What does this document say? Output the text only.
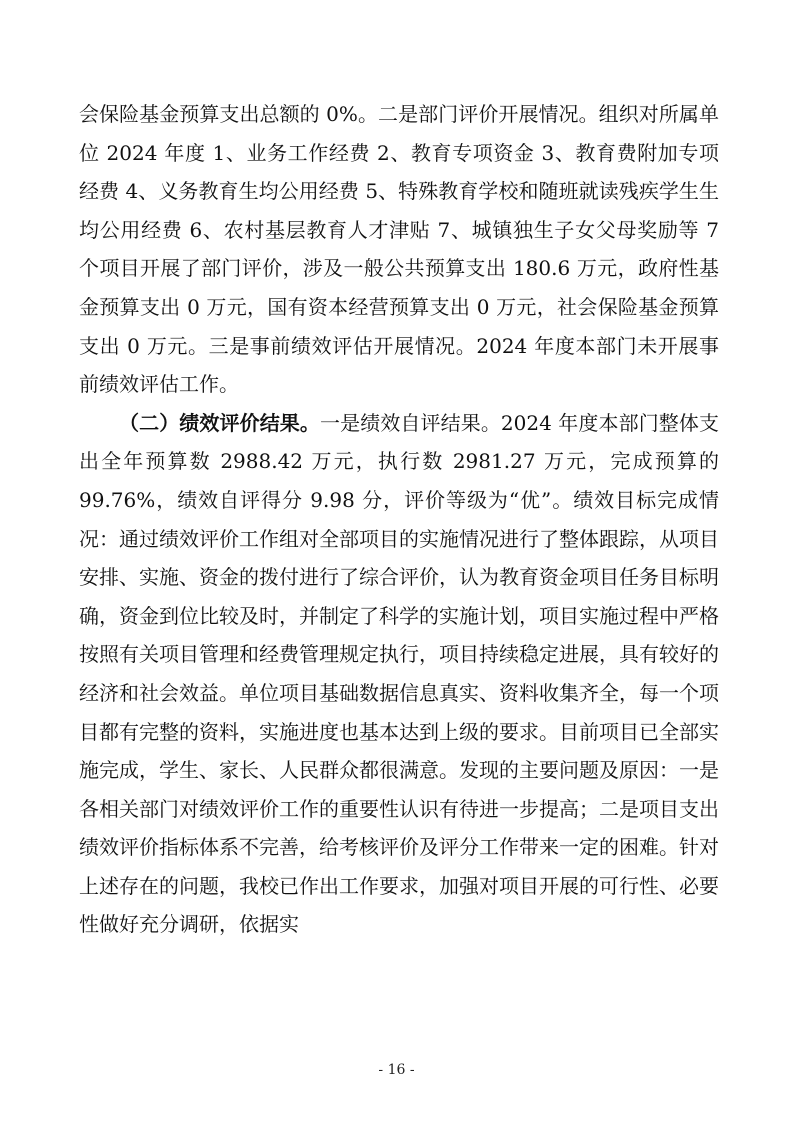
会保险基金预算支出总额的 0%。二是部门评价开展情况。组织对所属单位 2024 年度 1、业务工作经费 2、教育专项资金 3、教育费附加专项经费 4、义务教育生均公用经费 5、特殊教育学校和随班就读残疾学生生均公用经费 6、农村基层教育人才津贴 7、城镇独生子女父母奖励等 7 个项目开展了部门评价，涉及一般公共预算支出 180.6 万元，政府性基金预算支出 0 万元，国有资本经营预算支出 0 万元，社会保险基金预算支出 0 万元。三是事前绩效评估开展情况。2024 年度本部门未开展事前绩效评估工作。

（二）绩效评价结果。一是绩效自评结果。2024 年度本部门整体支出全年预算数 2988.42 万元，执行数 2981.27 万元，完成预算的 99.76%，绩效自评得分 9.98 分，评价等级为“优”。绩效目标完成情况：通过绩效评价工作组对全部项目的实施情况进行了整体跟踪，从项目安排、实施、资金的拨付进行了综合评价，认为教育资金项目任务目标明确，资金到位比较及时，并制定了科学的实施计划，项目实施过程中严格按照有关项目管理和经费管理规定执行，项目持续稳定进展，具有较好的经济和社会效益。单位项目基础数据信息真实、资料收集齐全，每一个项目都有完整的资料，实施进度也基本达到上级的要求。目前项目已全部实施完成，学生、家长、人民群众都很满意。发现的主要问题及原因：一是各相关部门对绩效评价工作的重要性认识有待进一步提高；二是项目支出绩效评价指标体系不完善，给考核评价及评分工作带来一定的困难。针对上述存在的问题，我校已作出工作要求，加强对项目开展的可行性、必要性做好充分调研，依据实

- 16 -
